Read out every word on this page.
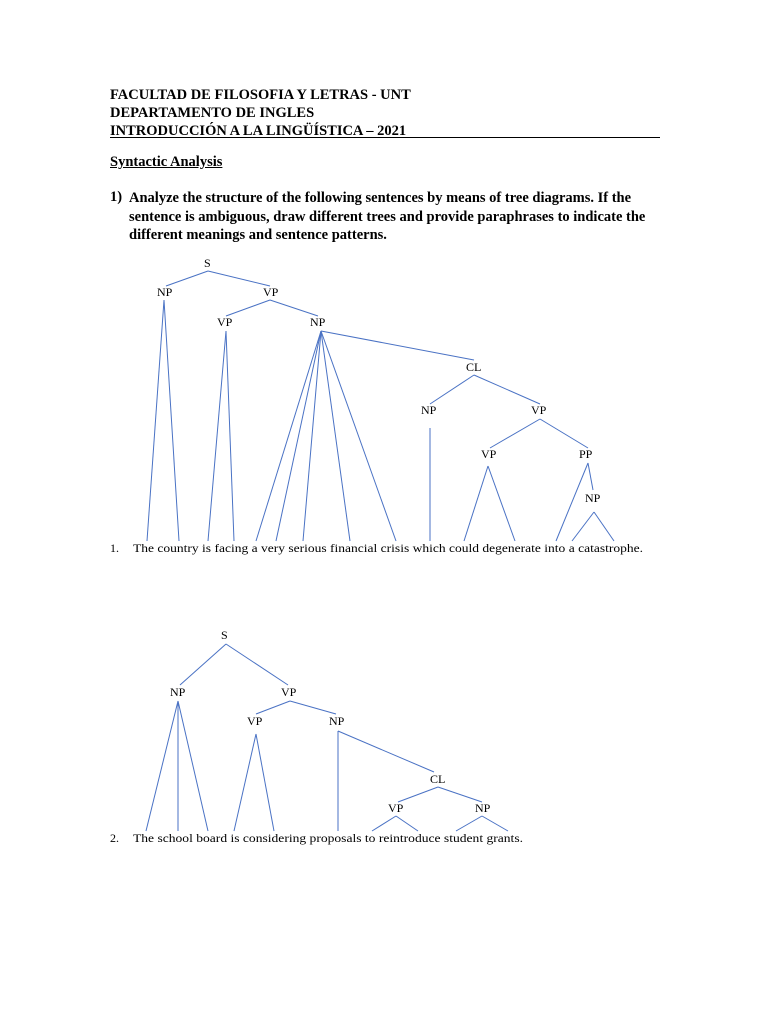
FACULTAD DE FILOSOFIA Y LETRAS - UNT
DEPARTAMENTO DE INGLES
INTRODUCCIÓN A LA LINGÜÍSTICA – 2021
Syntactic Analysis
1) Analyze the structure of the following sentences by means of tree diagrams. If the sentence is ambiguous, draw different trees and provide paraphrases to indicate the different meanings and sentence patterns.
S
NP	VP
VP	NP
CL
NP	VP
VP	PP
NP
1. The country is facing a very serious financial crisis which could degenerate into a catastrophe.
S
NP	VP
VP	NP
CL
VP	NP
2. The school board is considering proposals to reintroduce student grants.
